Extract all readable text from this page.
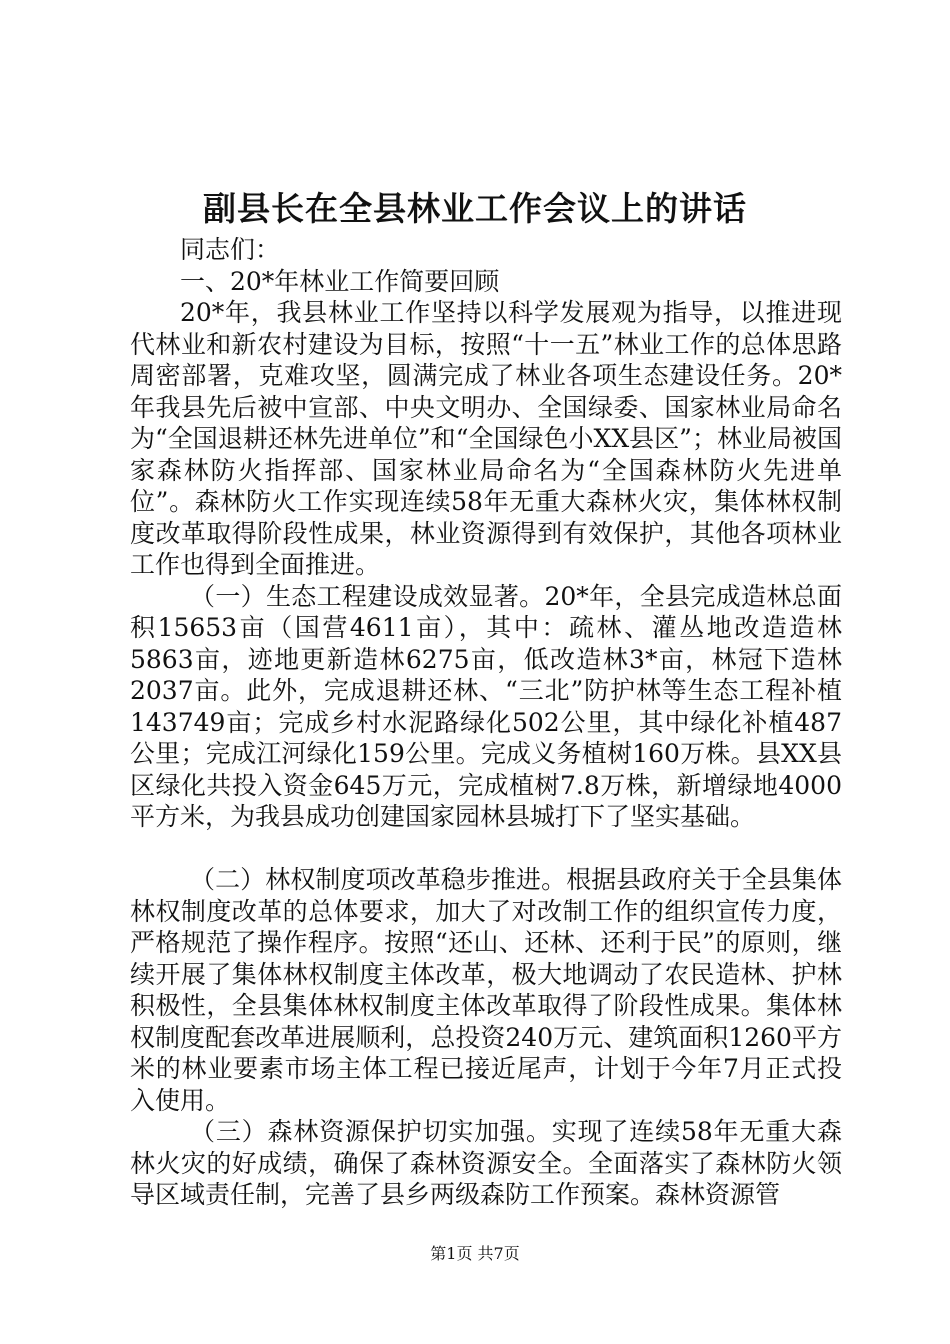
副县长在全县林业工作会议上的讲话

同志们：

一、20*年林业工作简要回顾

20*年，我县林业工作坚持以科学发展观为指导，以推进现代林业和新农村建设为目标，按照“十一五”林业工作的总体思路周密部署，克难攻坚，圆满完成了林业各项生态建设任务。20*年我县先后被中宣部、中央文明办、全国绿委、国家林业局命名为“全国退耕还林先进单位”和“全国绿色小XX县区”；林业局被国家森林防火指挥部、国家林业局命名为“全国森林防火先进单位”。森林防火工作实现连续58年无重大森林火灾，集体林权制度改革取得阶段性成果，林业资源得到有效保护，其他各项林业工作也得到全面推进。

（一）生态工程建设成效显著。20*年，全县完成造林总面积15653亩（国营4611亩），其中：疏林、灌丛地改造造林5863亩，迹地更新造林6275亩，低改造林3*亩，林冠下造林2037亩。此外，完成退耕还林、“三北”防护林等生态工程补植143749亩；完成乡村水泥路绿化502公里，其中绿化补植487公里；完成江河绿化159公里。完成义务植树160万株。县XX县区绿化共投入资金645万元，完成植树7.8万株，新增绿地4000平方米，为我县成功创建国家园林县城打下了坚实基础。

（二）林权制度项改革稳步推进。根据县政府关于全县集体林权制度改革的总体要求，加大了对改制工作的组织宣传力度，严格规范了操作程序。按照“还山、还林、还利于民”的原则，继续开展了集体林权制度主体改革，极大地调动了农民造林、护林积极性，全县集体林权制度主体改革取得了阶段性成果。集体林权制度配套改革进展顺利，总投资240万元、建筑面积1260平方米的林业要素市场主体工程已接近尾声，计划于今年7月正式投入使用。

（三）森林资源保护切实加强。实现了连续58年无重大森林火灾的好成绩，确保了森林资源安全。全面落实了森林防火领导区域责任制，完善了县乡两级森防工作预案。森林资源管

第1页 共7页
